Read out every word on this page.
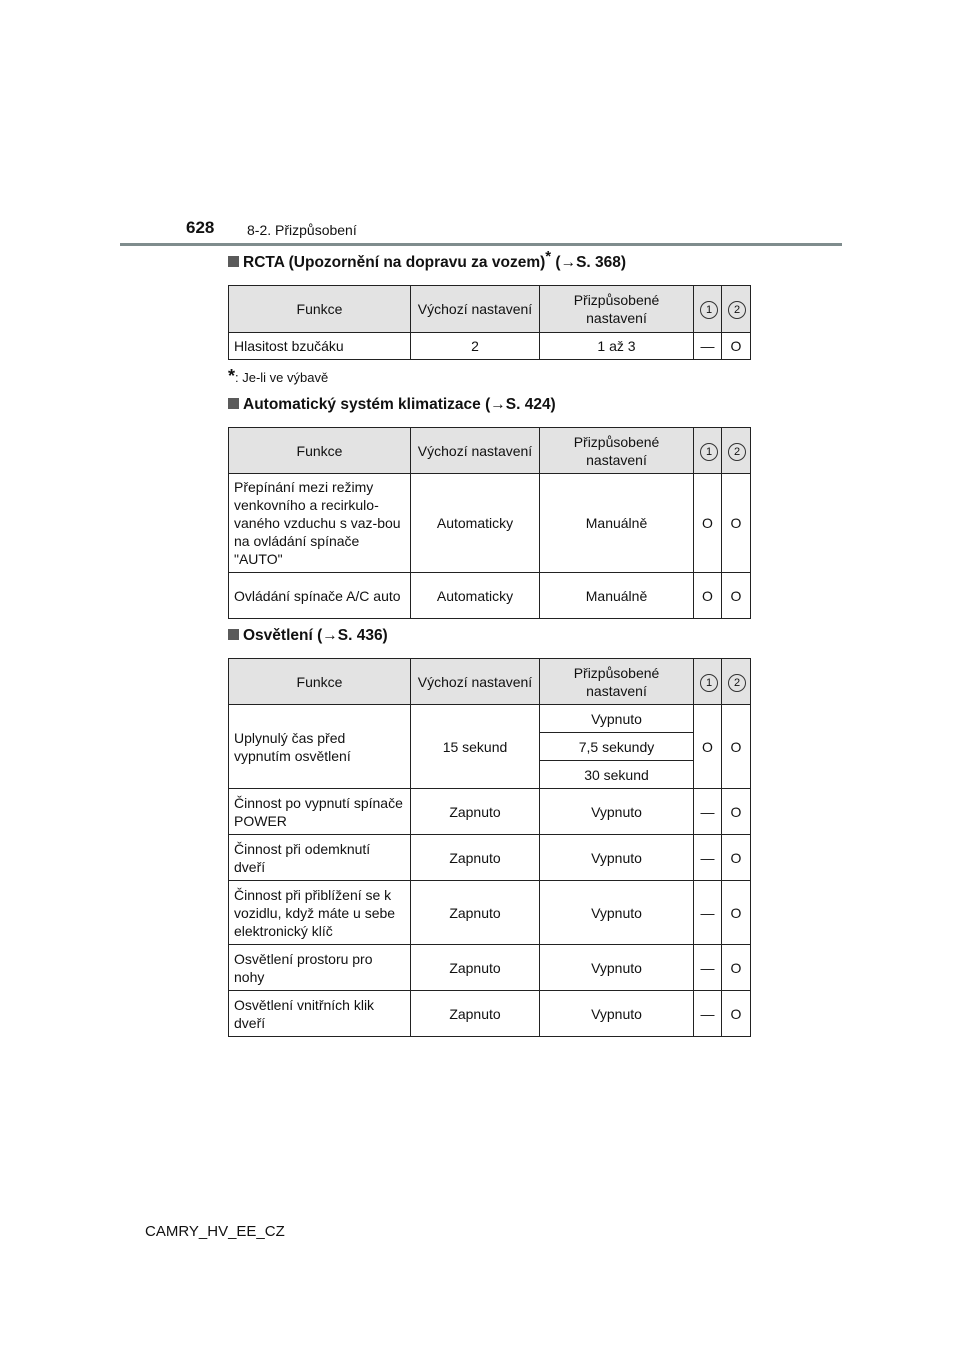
628 8-2. Přizpůsobení
RCTA (Upozornění na dopravu za vozem)* (→S. 368)
Funkce	Výchozí nastavení	Přizpůsobené nastavení	1	2
Hlasitost bzučáku	2	1 až 3	—	O
*: Je-li ve výbavě
Automatický systém klimatizace (→S. 424)
Funkce	Výchozí nastavení	Přizpůsobené nastavení	1	2
Přepínání mezi režimy venkovního a recirkulo-vaného vzduchu s vaz-bou na ovládání spínače "AUTO"	Automaticky	Manuálně	O	O
Ovládání spínače A/C auto	Automaticky	Manuálně	O	O
Osvětlení (→S. 436)
Funkce	Výchozí nastavení	Přizpůsobené nastavení	1	2
Uplynulý čas před vypnutím osvětlení	15 sekund	Vypnuto	O	O
		7,5 sekundy		
		30 sekund		
Činnost po vypnutí spínače POWER	Zapnuto	Vypnuto	—	O
Činnost při odemknutí dveří	Zapnuto	Vypnuto	—	O
Činnost při přiblížení se k vozidlu, když máte u sebe elektronický klíč	Zapnuto	Vypnuto	—	O
Osvětlení prostoru pro nohy	Zapnuto	Vypnuto	—	O
Osvětlení vnitřních klik dveří	Zapnuto	Vypnuto	—	O
CAMRY_HV_EE_CZ
